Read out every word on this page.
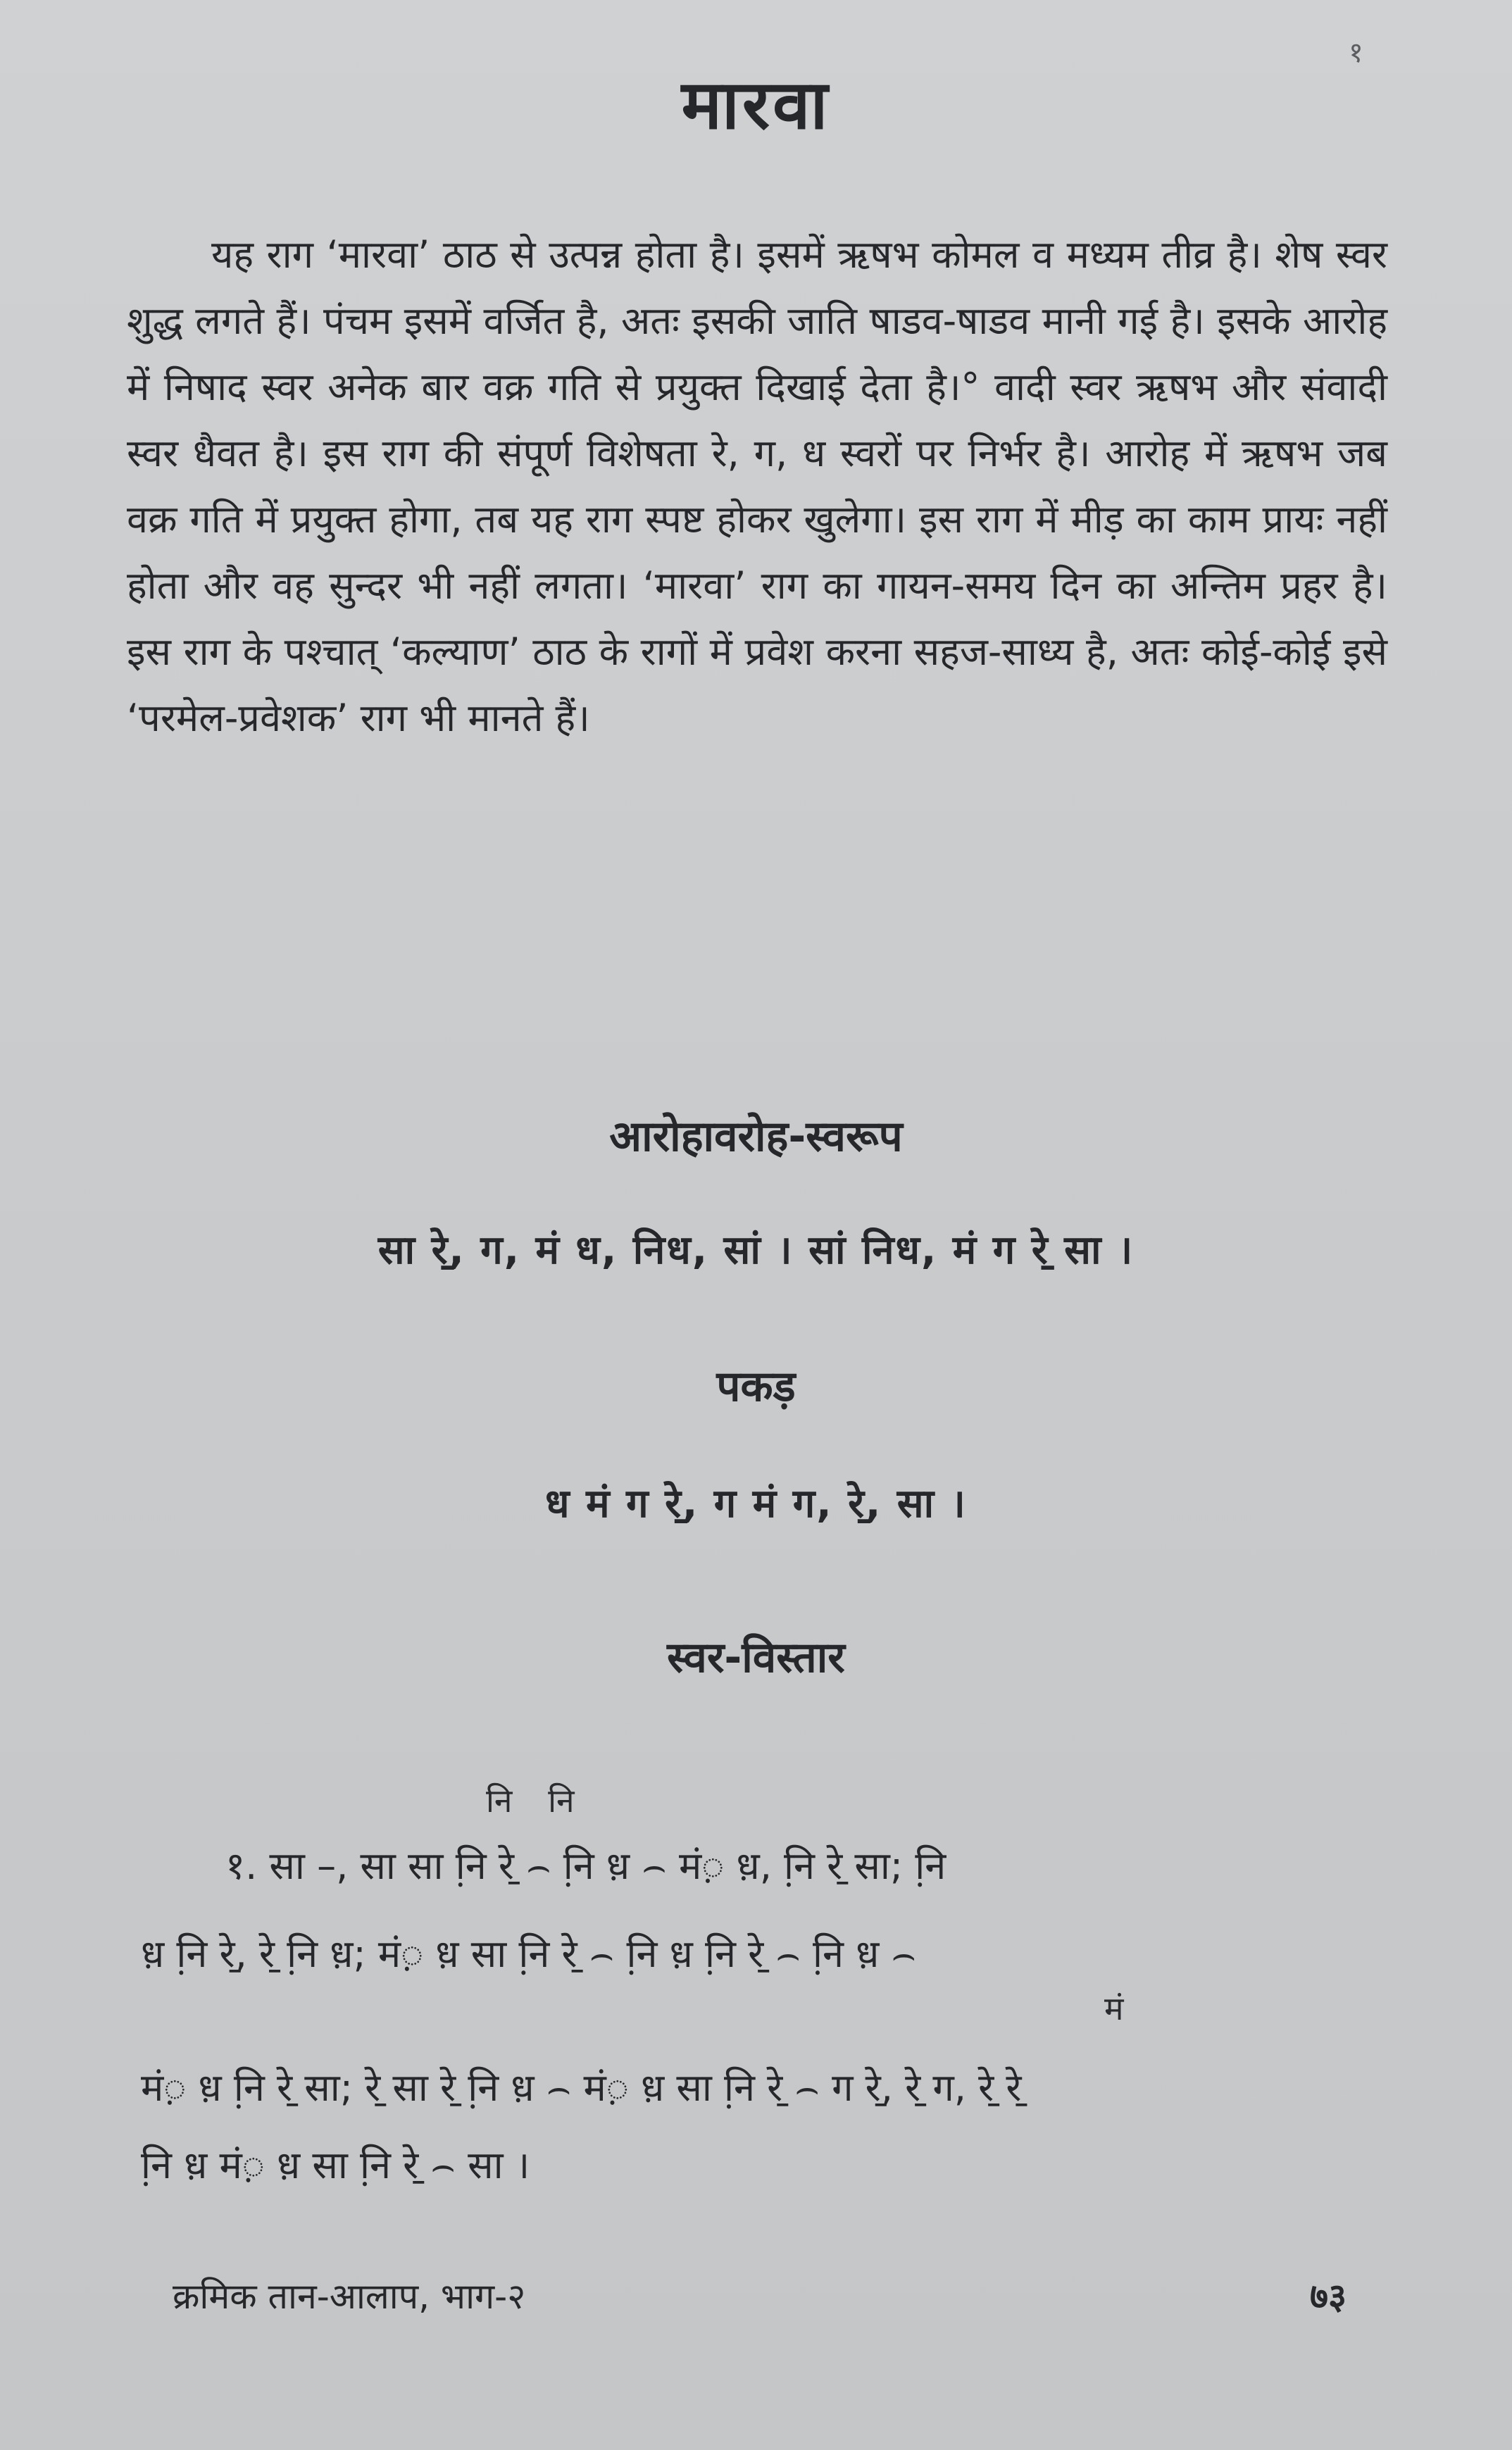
१
मारवा

यह राग ‘मारवा’ ठाठ से उत्पन्न होता है। इसमें ऋषभ कोमल व मध्यम तीव्र है। शेष स्वर शुद्ध लगते हैं। पंचम इसमें वर्जित है, अतः इसकी जाति षाडव-षाडव मानी गई है। इसके आरोह में निषाद स्वर अनेक बार वक्र गति से प्रयुक्त दिखाई देता है।° वादी स्वर ऋषभ और संवादी स्वर धैवत है। इस राग की संपूर्ण विशेषता रे, ग, ध स्वरों पर निर्भर है। आरोह में ऋषभ जब वक्र गति में प्रयुक्त होगा, तब यह राग स्पष्ट होकर खुलेगा। इस राग में मीड़ का काम प्रायः नहीं होता और वह सुन्दर भी नहीं लगता। ‘मारवा’ राग का गायन-समय दिन का अन्तिम प्रहर है। इस राग के पश्चात् ‘कल्याण’ ठाठ के रागों में प्रवेश करना सहज-साध्य है, अतः कोई-कोई इसे ‘परमेल-प्रवेशक’ राग भी मानते हैं।

आरोहावरोह-स्वरूप
सा रे̱, ग, मं ध, निध, सां । सां निध, मं ग रे̱ सा ।
पकड़
ध मं ग रे̱, ग मं ग, रे̱, सा ।
स्वर-विस्तार
नि नि
१. सा –, सा सा नि़ रे̱ ⌢ नि़ ध़ ⌢ मं़ ध़, नि़ रे̱ सा; नि़
ध़ नि़ रे̱, रे̱ नि़ ध़; मं़ ध़ सा नि़ रे̱ ⌢ नि़ ध़ नि़ रे̱ ⌢ नि़ ध़ ⌢
मं
मं़ ध़ नि़ रे̱ सा; रे̱ सा रे̱ नि़ ध़ ⌢ मं़ ध़ सा नि़ रे̱ ⌢ ग रे̱, रे̱ ग, रे̱ रे̱
नि़ ध़ मं़ ध़ सा नि़ रे̱ ⌢ सा ।
क्रमिक तान-आलाप, भाग-२	७३
